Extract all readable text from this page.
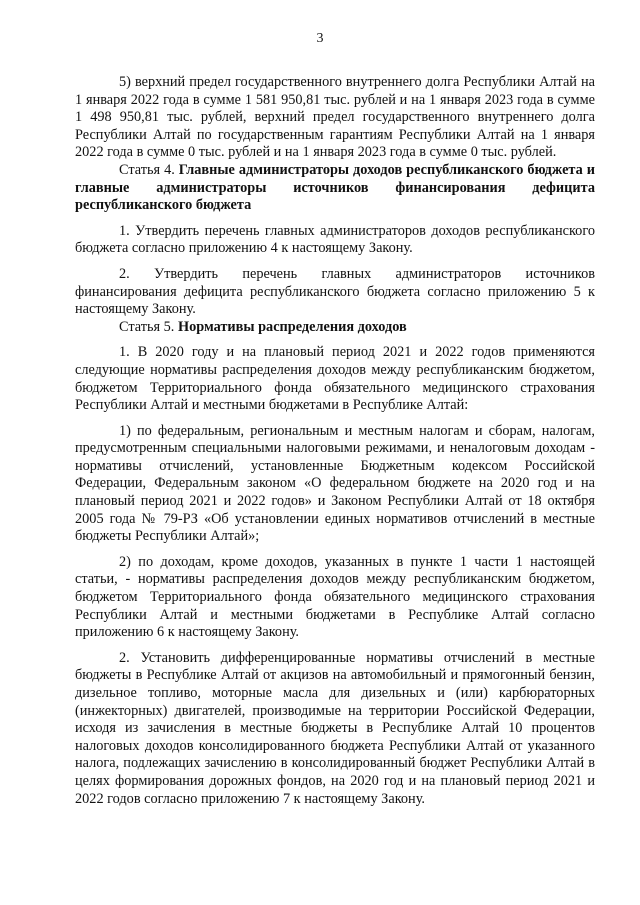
3

5) верхний предел государственного внутреннего долга Республики Алтай на 1 января 2022 года в сумме 1 581 950,81 тыс. рублей и на 1 января 2023 года в сумме 1 498 950,81 тыс. рублей, верхний предел государственного внутреннего долга Республики Алтай по государственным гарантиям Республики Алтай на 1 января 2022 года в сумме 0 тыс. рублей и на 1 января 2023 года в сумме 0 тыс. рублей.

Статья 4. Главные администраторы доходов республиканского бюджета и главные администраторы источников финансирования дефицита республиканского бюджета

1. Утвердить перечень главных администраторов доходов республиканского бюджета согласно приложению 4 к настоящему Закону.

2. Утвердить перечень главных администраторов источников финансирования дефицита республиканского бюджета согласно приложению 5 к настоящему Закону.

Статья 5. Нормативы распределения доходов

1. В 2020 году и на плановый период 2021 и 2022 годов применяются следующие нормативы распределения доходов между республиканским бюджетом, бюджетом Территориального фонда обязательного медицинского страхования Республики Алтай и местными бюджетами в Республике Алтай:

1) по федеральным, региональным и местным налогам и сборам, налогам, предусмотренным специальными налоговыми режимами, и неналоговым доходам - нормативы отчислений, установленные Бюджетным кодексом Российской Федерации, Федеральным законом «О федеральном бюджете на 2020 год и на плановый период 2021 и 2022 годов» и Законом Республики Алтай от 18 октября 2005 года № 79-РЗ «Об установлении единых нормативов отчислений в местные бюджеты Республики Алтай»;

2) по доходам, кроме доходов, указанных в пункте 1 части 1 настоящей статьи, - нормативы распределения доходов между республиканским бюджетом, бюджетом Территориального фонда обязательного медицинского страхования Республики Алтай и местными бюджетами в Республике Алтай согласно приложению 6 к настоящему Закону.

2. Установить дифференцированные нормативы отчислений в местные бюджеты в Республике Алтай от акцизов на автомобильный и прямогонный бензин, дизельное топливо, моторные масла для дизельных и (или) карбюраторных (инжекторных) двигателей, производимые на территории Российской Федерации, исходя из зачисления в местные бюджеты в Республике Алтай 10 процентов налоговых доходов консолидированного бюджета Республики Алтай от указанного налога, подлежащих зачислению в консолидированный бюджет Республики Алтай в целях формирования дорожных фондов, на 2020 год и на плановый период 2021 и 2022 годов согласно приложению 7 к настоящему Закону.
